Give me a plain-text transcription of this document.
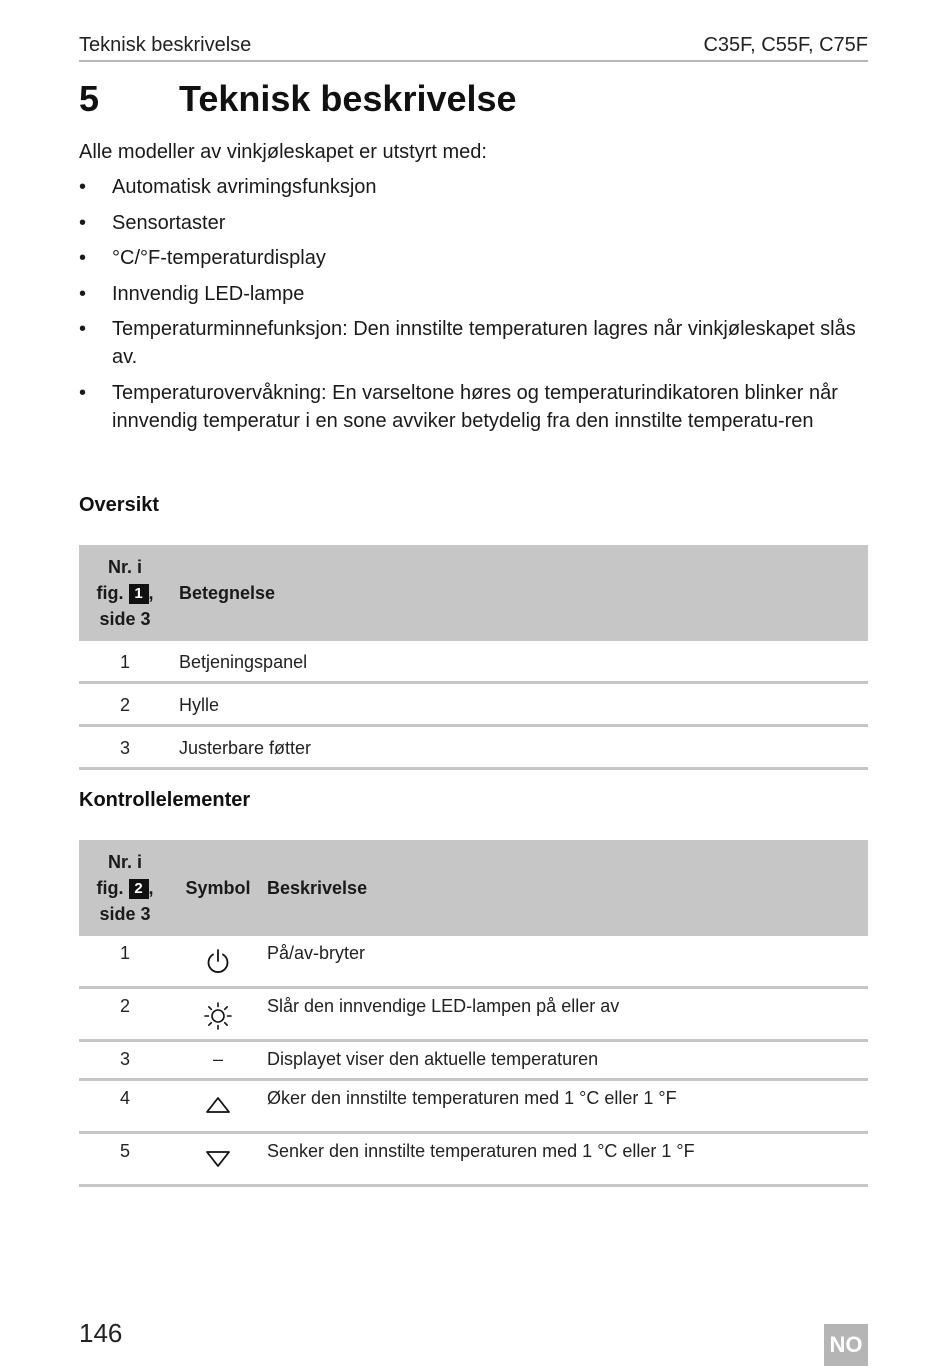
Teknisk beskrivelse	C35F, C55F, C75F
5 Teknisk beskrivelse
Alle modeller av vinkjøleskapet er utstyrt med:
• Automatisk avrimingsfunksjon
• Sensortaster
• °C/°F-temperaturdisplay
• Innvendig LED-lampe
• Temperaturminnefunksjon: Den innstilte temperaturen lagres når vinkjøleskapet slås av.
• Temperaturovervåkning: En varseltone høres og temperaturindikatoren blinker når innvendig temperatur i en sone avviker betydelig fra den innstilte temperatu-ren
Oversikt
Nr. i
fig. 1 ,
side 3	Betegnelse
1	Betjeningspanel
2	Hylle
3	Justerbare føtter
Kontrollelementer
Nr. i
fig. 2 ,
side 3	Symbol	Beskrivelse
1		På/av-bryter
2		Slår den innvendige LED-lampen på eller av
3	–	Displayet viser den aktuelle temperaturen
4		Øker den innstilte temperaturen med 1 °C eller 1 °F
5		Senker den innstilte temperaturen med 1 °C eller 1 °F
146	NO
